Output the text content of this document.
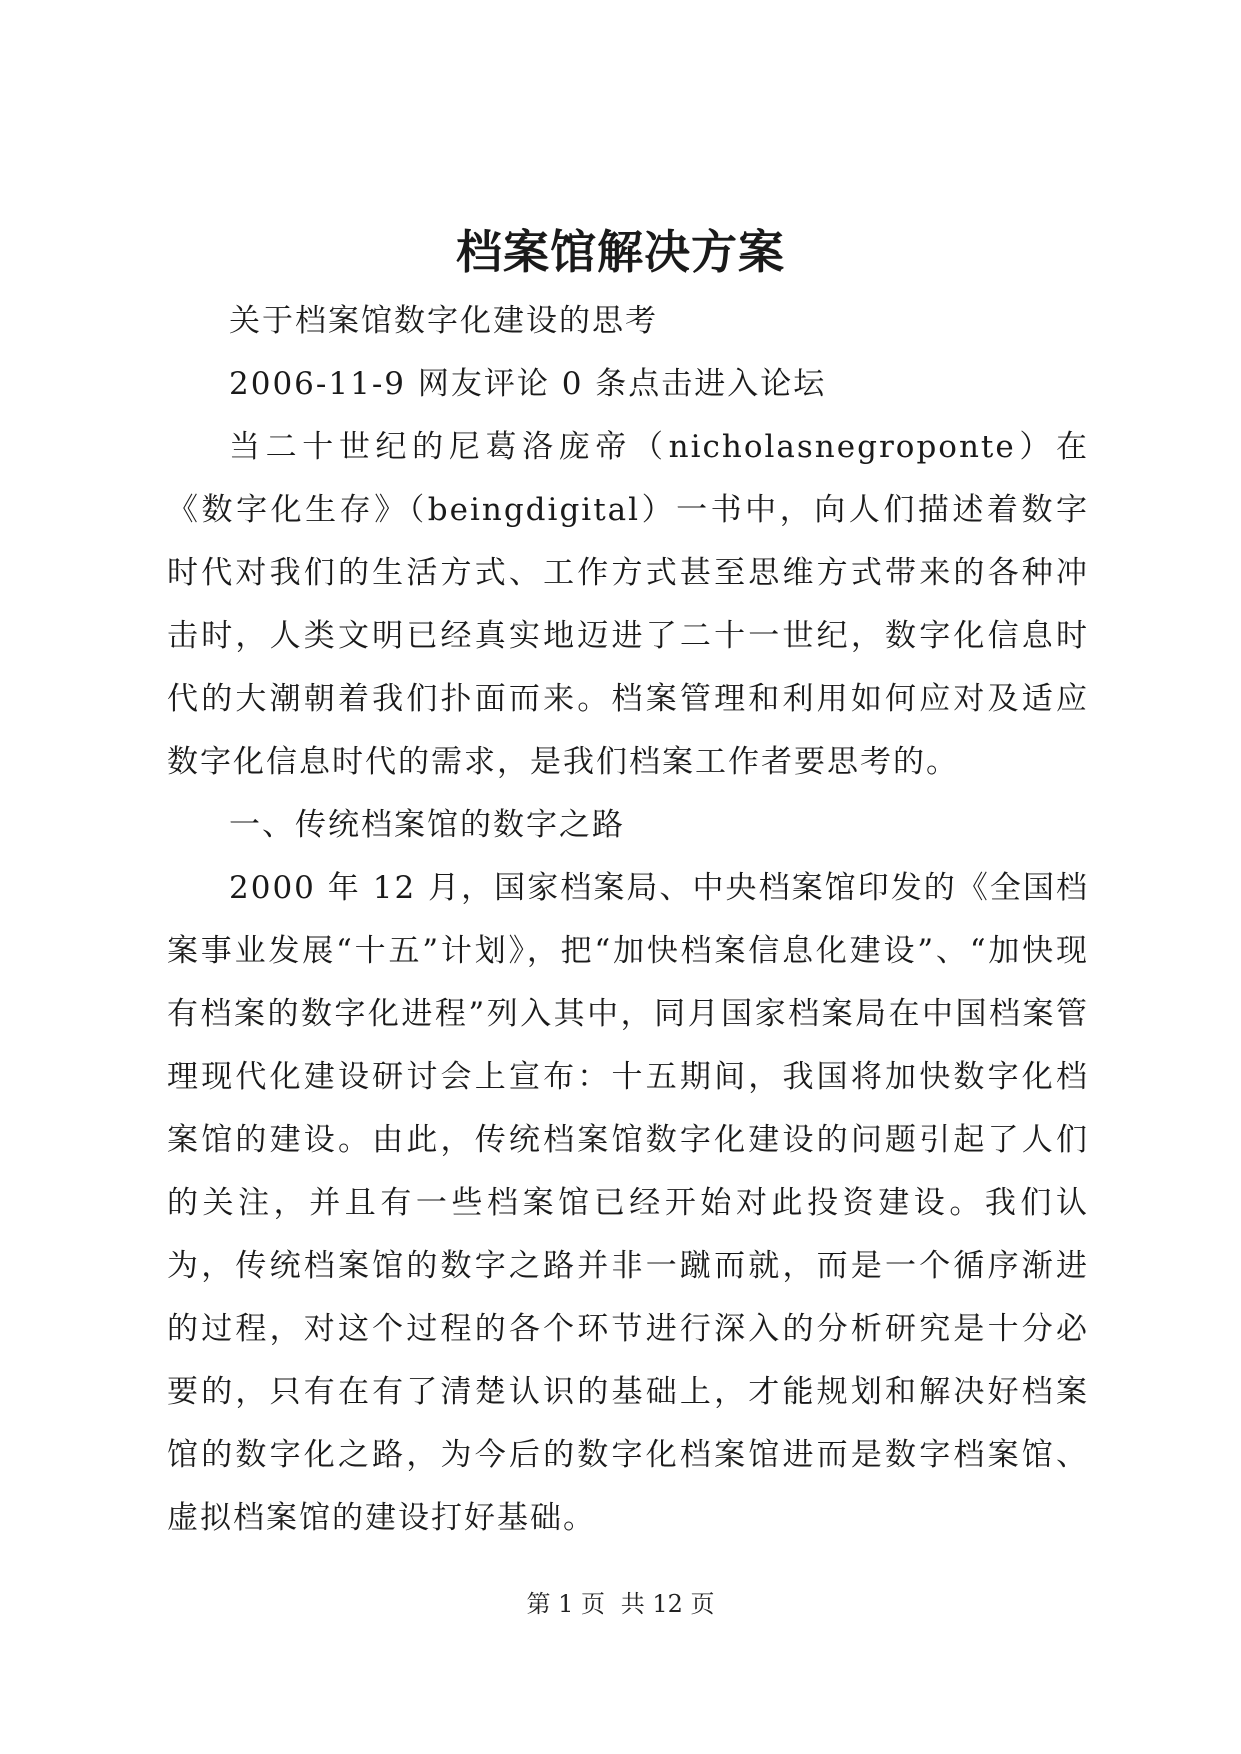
档案馆解决方案

关于档案馆数字化建设的思考

2006-11-9 网友评论 0 条点击进入论坛

当二十世纪的尼葛洛庞帝（nicholasnegroponte）在《数字化生存》（beingdigital）一书中，向人们描述着数字时代对我们的生活方式、工作方式甚至思维方式带来的各种冲击时，人类文明已经真实地迈进了二十一世纪，数字化信息时代的大潮朝着我们扑面而来。档案管理和利用如何应对及适应数字化信息时代的需求，是我们档案工作者要思考的。

一、传统档案馆的数字之路

2000 年 12 月，国家档案局、中央档案馆印发的《全国档案事业发展“十五”计划》，把“加快档案信息化建设”、“加快现有档案的数字化进程”列入其中，同月国家档案局在中国档案管理现代化建设研讨会上宣布：十五期间，我国将加快数字化档案馆的建设。由此，传统档案馆数字化建设的问题引起了人们的关注，并且有一些档案馆已经开始对此投资建设。我们认为，传统档案馆的数字之路并非一蹴而就，而是一个循序渐进的过程，对这个过程的各个环节进行深入的分析研究是十分必要的，只有在有了清楚认识的基础上，才能规划和解决好档案馆的数字化之路，为今后的数字化档案馆进而是数字档案馆、虚拟档案馆的建设打好基础。

第 1 页 共 12 页
